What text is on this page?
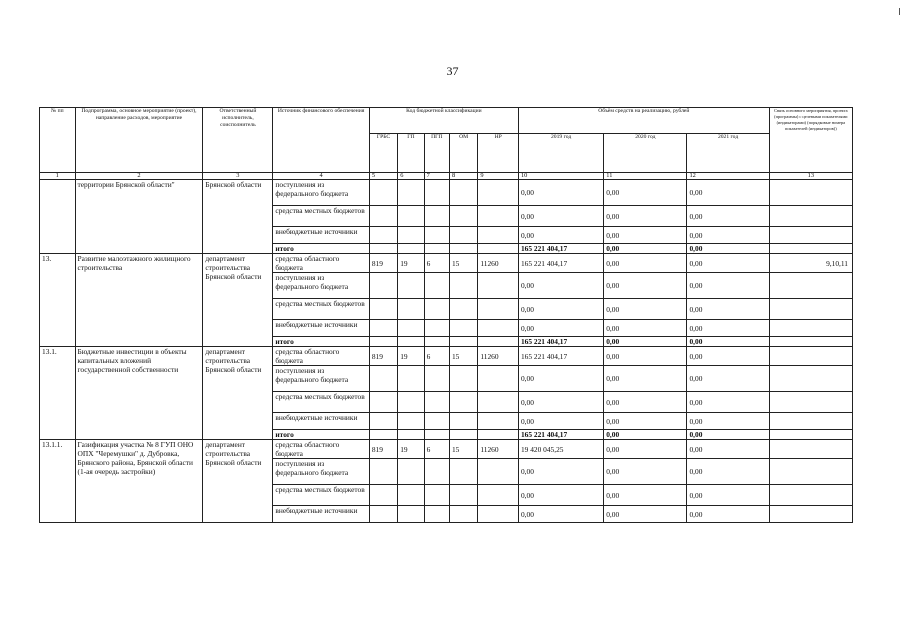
37
№ пп	Подпрограмма, основное мероприятие (проект), направление расходов, мероприятие	Ответственный исполнитель, соисполнитель	Источник финансового обеспечения	Код бюджетной классификации					Объём средств на реализацию, рублей			Связь основного мероприятия, проекта (программы) с целевыми показателями (индикаторами) (порядковые номера показателей (индикаторов))
				ГРБС	ГП	ПГП	ОМ	НР	2019 год	2020 год	2021 год	
1	2	3	4	5	6	7	8	9	10	11	12	13
	территории Брянской области"	Брянской области	поступления из федерального бюджета						0,00	0,00	0,00	
			средства местных бюджетов						0,00	0,00	0,00	
			внебюджетные источники						0,00	0,00	0,00	
			итого						165 221 404,17	0,00	0,00	
13.	Развитие малоэтажного жилищного строительства	департамент строительства Брянской области	средства областного бюджета	819	19	6	15	11260	165 221 404,17	0,00	0,00	9,10,11
			поступления из федерального бюджета						0,00	0,00	0,00	
			средства местных бюджетов						0,00	0,00	0,00	
			внебюджетные источники						0,00	0,00	0,00	
			итого						165 221 404,17	0,00	0,00	
13.1.	Бюджетные инвестиции в объекты капитальных вложений государственной собственности	департамент строительства Брянской области	средства областного бюджета	819	19	6	15	11260	165 221 404,17	0,00	0,00	
			поступления из федерального бюджета						0,00	0,00	0,00	
			средства местных бюджетов						0,00	0,00	0,00	
			внебюджетные источники						0,00	0,00	0,00	
			итого						165 221 404,17	0,00	0,00	
13.1.1.	Газификация участка № 8 ГУП ОНО ОПХ "Черемушки" д. Дубровка, Брянского района, Брянской области (1-ая очередь застройки)	департамент строительства Брянской области	средства областного бюджета	819	19	6	15	11260	19 420 045,25	0,00	0,00	
			поступления из федерального бюджета						0,00	0,00	0,00	
			средства местных бюджетов						0,00	0,00	0,00	
			внебюджетные источники						0,00	0,00	0,00	
